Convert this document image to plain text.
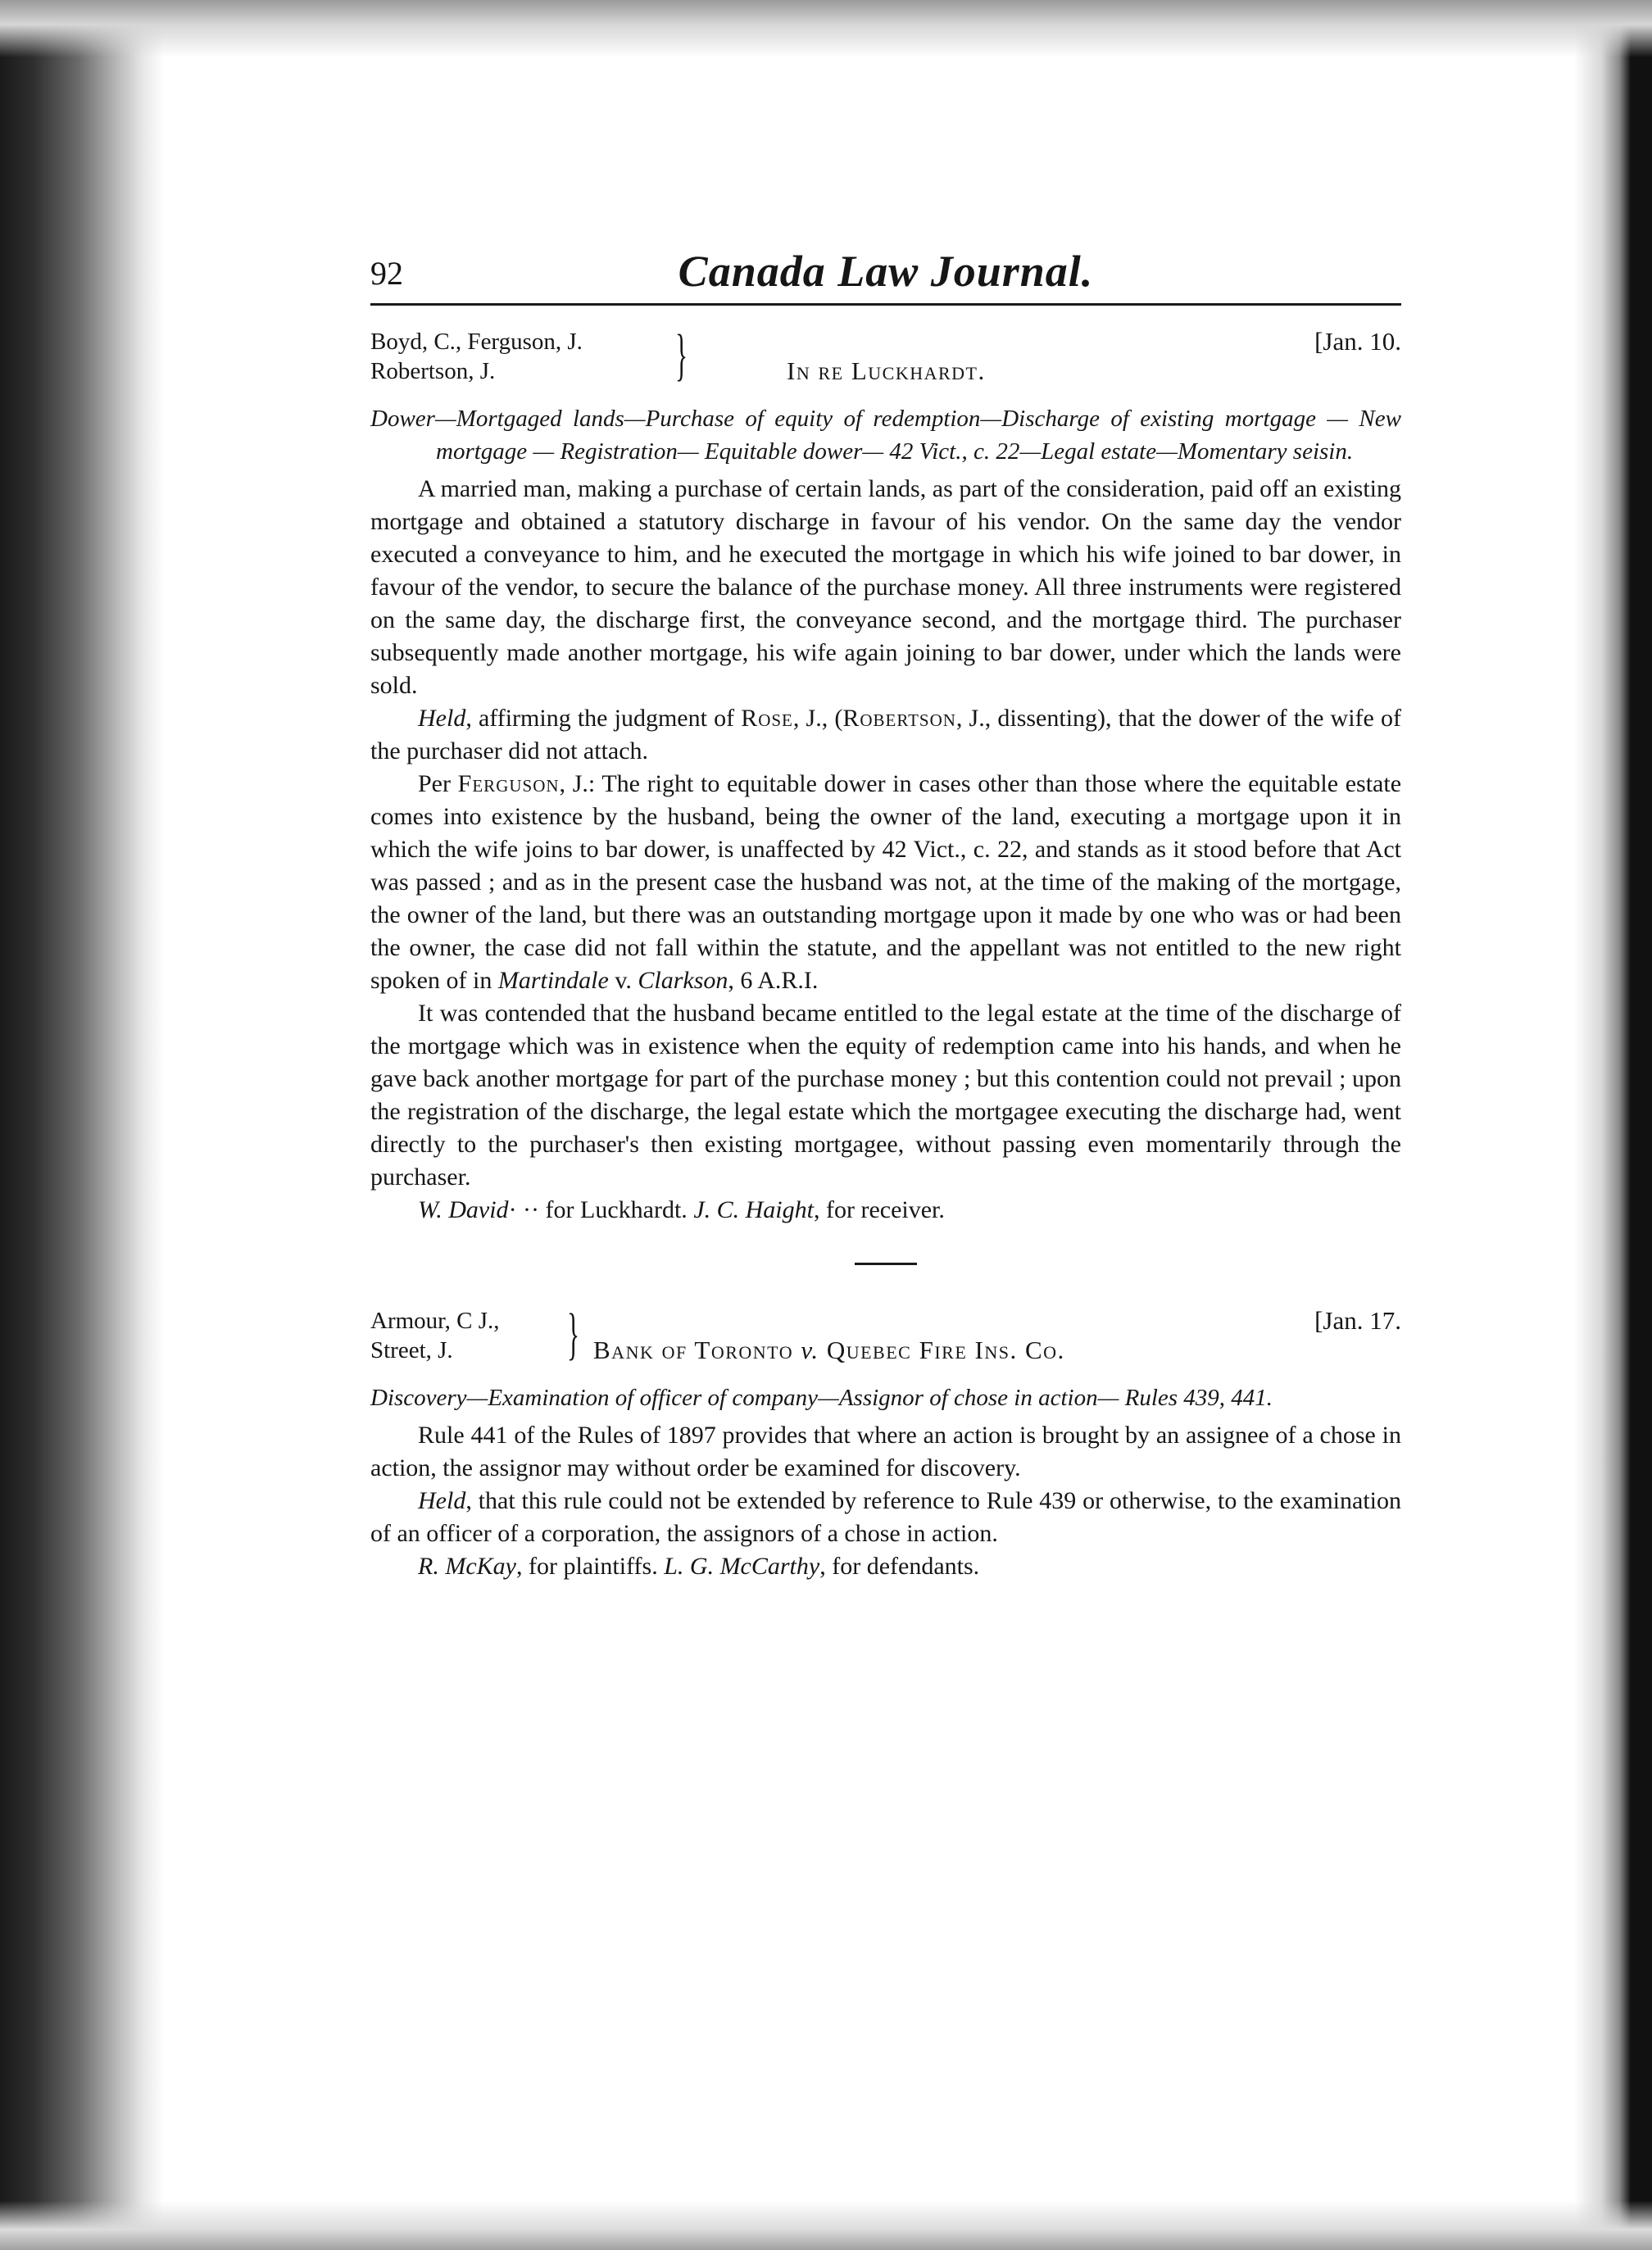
92	Canada Law Journal.
Boyd, C., Ferguson, J.
Robertson, J.	}	In re Luckhardt.
[Jan. 10.
Dower—Mortgaged lands—Purchase of equity of redemption—Discharge of existing mortgage — New mortgage — Registration— Equitable dower— 42 Vict., c. 22—Legal estate—Momentary seisin.

A married man, making a purchase of certain lands, as part of the consideration, paid off an existing mortgage and obtained a statutory discharge in favour of his vendor. On the same day the vendor executed a conveyance to him, and he executed the mortgage in which his wife joined to bar dower, in favour of the vendor, to secure the balance of the purchase money. All three instruments were registered on the same day, the discharge first, the conveyance second, and the mortgage third. The purchaser subsequently made another mortgage, his wife again joining to bar dower, under which the lands were sold.

Held, affirming the judgment of Rose, J., (Robertson, J., dissenting), that the dower of the wife of the purchaser did not attach.

Per Ferguson, J.: The right to equitable dower in cases other than those where the equitable estate comes into existence by the husband, being the owner of the land, executing a mortgage upon it in which the wife joins to bar dower, is unaffected by 42 Vict., c. 22, and stands as it stood before that Act was passed ; and as in the present case the husband was not, at the time of the making of the mortgage, the owner of the land, but there was an outstanding mortgage upon it made by one who was or had been the owner, the case did not fall within the statute, and the appellant was not entitled to the new right spoken of in Martindale v. Clarkson, 6 A.R.I.

It was contended that the husband became entitled to the legal estate at the time of the discharge of the mortgage which was in existence when the equity of redemption came into his hands, and when he gave back another mortgage for part of the purchase money ; but this contention could not prevail ; upon the registration of the discharge, the legal estate which the mortgagee executing the discharge had, went directly to the purchaser's then existing mortgagee, without passing even momentarily through the purchaser.

W. David· ·· for Luckhardt. J. C. Haight, for receiver.

Armour, C J.,
Street, J.	} Bank of Toronto v. Quebec Fire Ins. Co.
[Jan. 17.
Discovery—Examination of officer of company—Assignor of chose in action— Rules 439, 441.

Rule 441 of the Rules of 1897 provides that where an action is brought by an assignee of a chose in action, the assignor may without order be examined for discovery.

Held, that this rule could not be extended by reference to Rule 439 or otherwise, to the examination of an officer of a corporation, the assignors of a chose in action.

R. McKay, for plaintiffs. L. G. McCarthy, for defendants.
